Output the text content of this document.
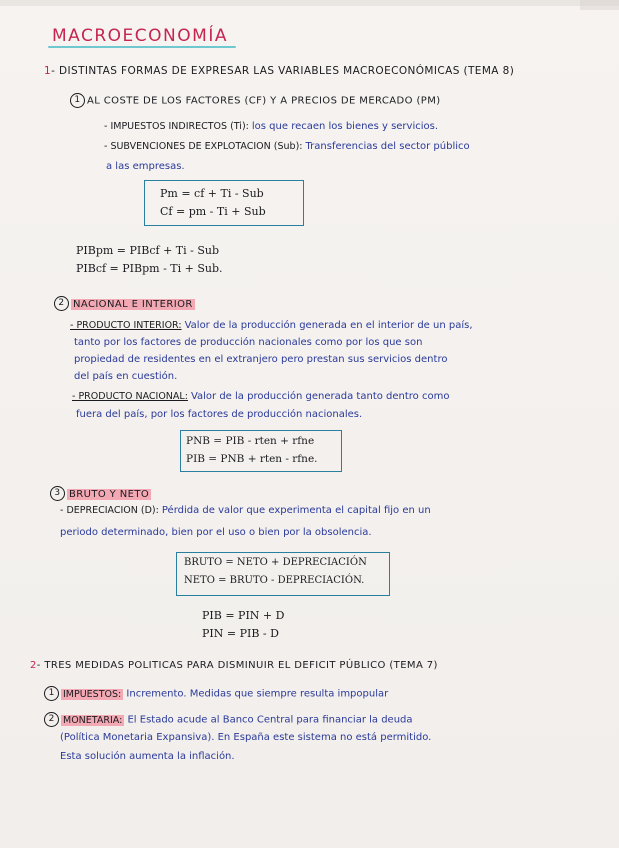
MACROECONOMÍA
1- DISTINTAS FORMAS DE EXPRESAR LAS VARIABLES MACROECONÓMICAS (TEMA 8)
1 AL COSTE DE LOS FACTORES (CF) Y A PRECIOS DE MERCADO (PM)
- IMPUESTOS INDIRECTOS (Ti): los que recaen los bienes y servicios.
- SUBVENCIONES DE EXPLOTACION (Sub): Transferencias del sector público
a las empresas.
Pm = cf + Ti - Sub
Cf = pm - Ti + Sub
PIBpm = PIBcf + Ti - Sub
PIBcf = PIBpm - Ti + Sub.
2 NACIONAL E INTERIOR
- PRODUCTO INTERIOR: Valor de la producción generada en el interior de un país,
tanto por los factores de producción nacionales como por los que son
propiedad de residentes en el extranjero pero prestan sus servicios dentro
del país en cuestión.
- PRODUCTO NACIONAL: Valor de la producción generada tanto dentro como
fuera del país, por los factores de producción nacionales.
PNB = PIB - rten + rfne
PIB = PNB + rten - rfne.
3 BRUTO Y NETO
- DEPRECIACION (D): Pérdida de valor que experimenta el capital fijo en un
periodo determinado, bien por el uso o bien por la obsolencia.
BRUTO = NETO + DEPRECIACIÓN
NETO = BRUTO - DEPRECIACIÓN.
PIB = PIN + D
PIN = PIB - D
2- TRES MEDIDAS POLITICAS PARA DISMINUIR EL DEFICIT PÚBLICO (TEMA 7)
1 IMPUESTOS: Incremento. Medidas que siempre resulta impopular
2 MONETARIA: El Estado acude al Banco Central para financiar la deuda
(Política Monetaria Expansiva). En España este sistema no está permitido.
Esta solución aumenta la inflación.
